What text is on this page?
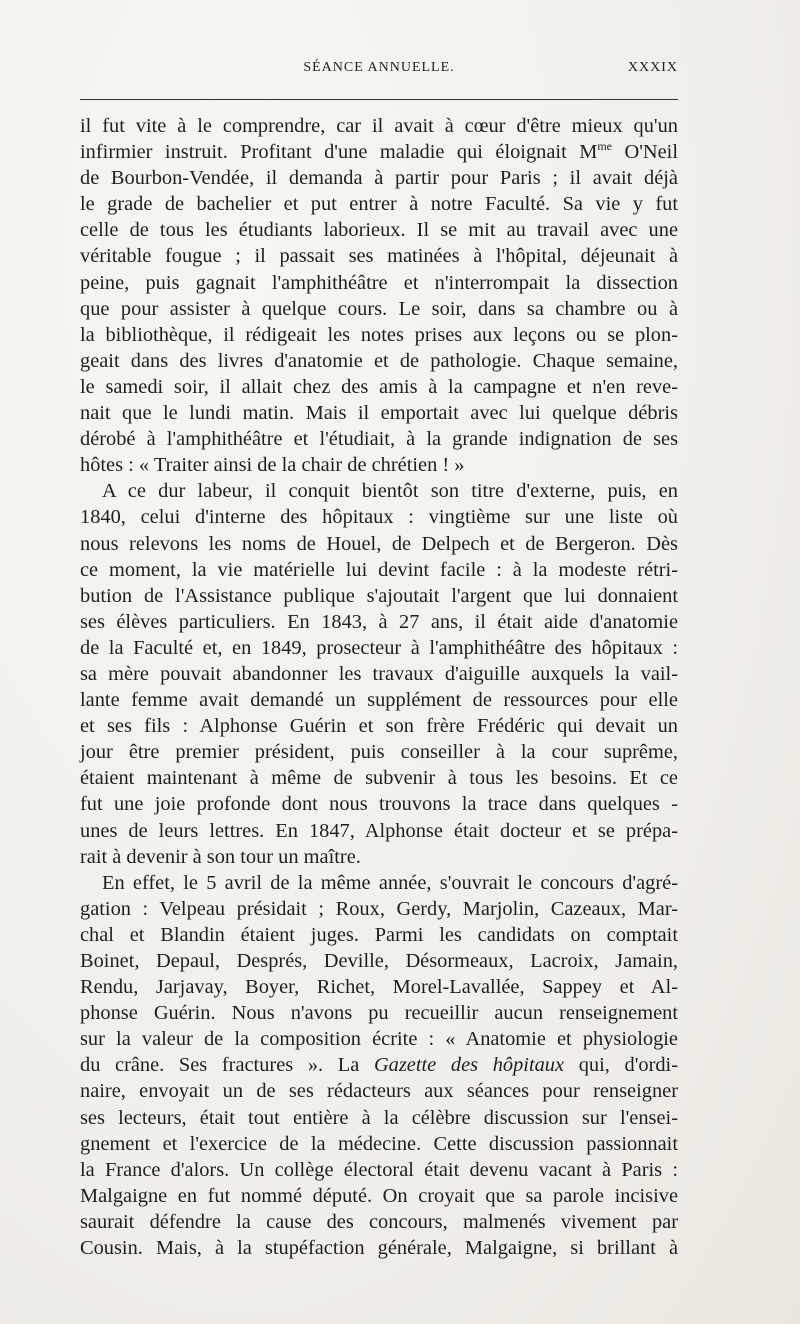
SÉANCE ANNUELLE.	XXXIX

il fut vite à le comprendre, car il avait à cœur d'être mieux qu'un

infirmier instruit. Profitant d'une maladie qui éloignait $M^{me}$ O'Neil

de Bourbon-Vendée, il demanda à partir pour Paris ; il avait déjà

le grade de bachelier et put entrer à notre Faculté. Sa vie y fut

celle de tous les étudiants laborieux. Il se mit au travail avec une

véritable fougue ; il passait ses matinées à l'hôpital, déjeunait à

peine, puis gagnait l'amphithéâtre et n'interrompait la dissection

que pour assister à quelque cours. Le soir, dans sa chambre ou à

la bibliothèque, il rédigeait les notes prises aux leçons ou se plon-

geait dans des livres d'anatomie et de pathologie. Chaque semaine,

le samedi soir, il allait chez des amis à la campagne et n'en reve-

nait que le lundi matin. Mais il emportait avec lui quelque débris

dérobé à l'amphithéâtre et l'étudiait, à la grande indignation de ses

hôtes : « Traiter ainsi de la chair de chrétien ! »

A ce dur labeur, il conquit bientôt son titre d'externe, puis, en

1840, celui d'interne des hôpitaux : vingtième sur une liste où

nous relevons les noms de Houel, de Delpech et de Bergeron. Dès

ce moment, la vie matérielle lui devint facile : à la modeste rétri-

bution de l'Assistance publique s'ajoutait l'argent que lui donnaient

ses élèves particuliers. En 1843, à 27 ans, il était aide d'anatomie

de la Faculté et, en 1849, prosecteur à l'amphithéâtre des hôpitaux :

sa mère pouvait abandonner les travaux d'aiguille auxquels la vail-

lante femme avait demandé un supplément de ressources pour elle

et ses fils : Alphonse Guérin et son frère Frédéric qui devait un

jour être premier président, puis conseiller à la cour suprême,

étaient maintenant à même de subvenir à tous les besoins. Et ce

fut une joie profonde dont nous trouvons la trace dans quelques -

unes de leurs lettres. En 1847, Alphonse était docteur et se prépa-

rait à devenir à son tour un maître.

En effet, le 5 avril de la même année, s'ouvrait le concours d'agré-

gation : Velpeau présidait ; Roux, Gerdy, Marjolin, Cazeaux, Mar-

chal et Blandin étaient juges. Parmi les candidats on comptait

Boinet, Depaul, Després, Deville, Désormeaux, Lacroix, Jamain,

Rendu, Jarjavay, Boyer, Richet, Morel-Lavallée, Sappey et Al-

phonse Guérin. Nous n'avons pu recueillir aucun renseignement

sur la valeur de la composition écrite : « Anatomie et physiologie

du crâne. Ses fractures ». La Gazette des hôpitaux qui, d'ordi-

naire, envoyait un de ses rédacteurs aux séances pour renseigner

ses lecteurs, était tout entière à la célèbre discussion sur l'ensei-

gnement et l'exercice de la médecine. Cette discussion passionnait

la France d'alors. Un collège électoral était devenu vacant à Paris :

Malgaigne en fut nommé député. On croyait que sa parole incisive

saurait défendre la cause des concours, malmenés vivement par

Cousin. Mais, à la stupéfaction générale, Malgaigne, si brillant à
